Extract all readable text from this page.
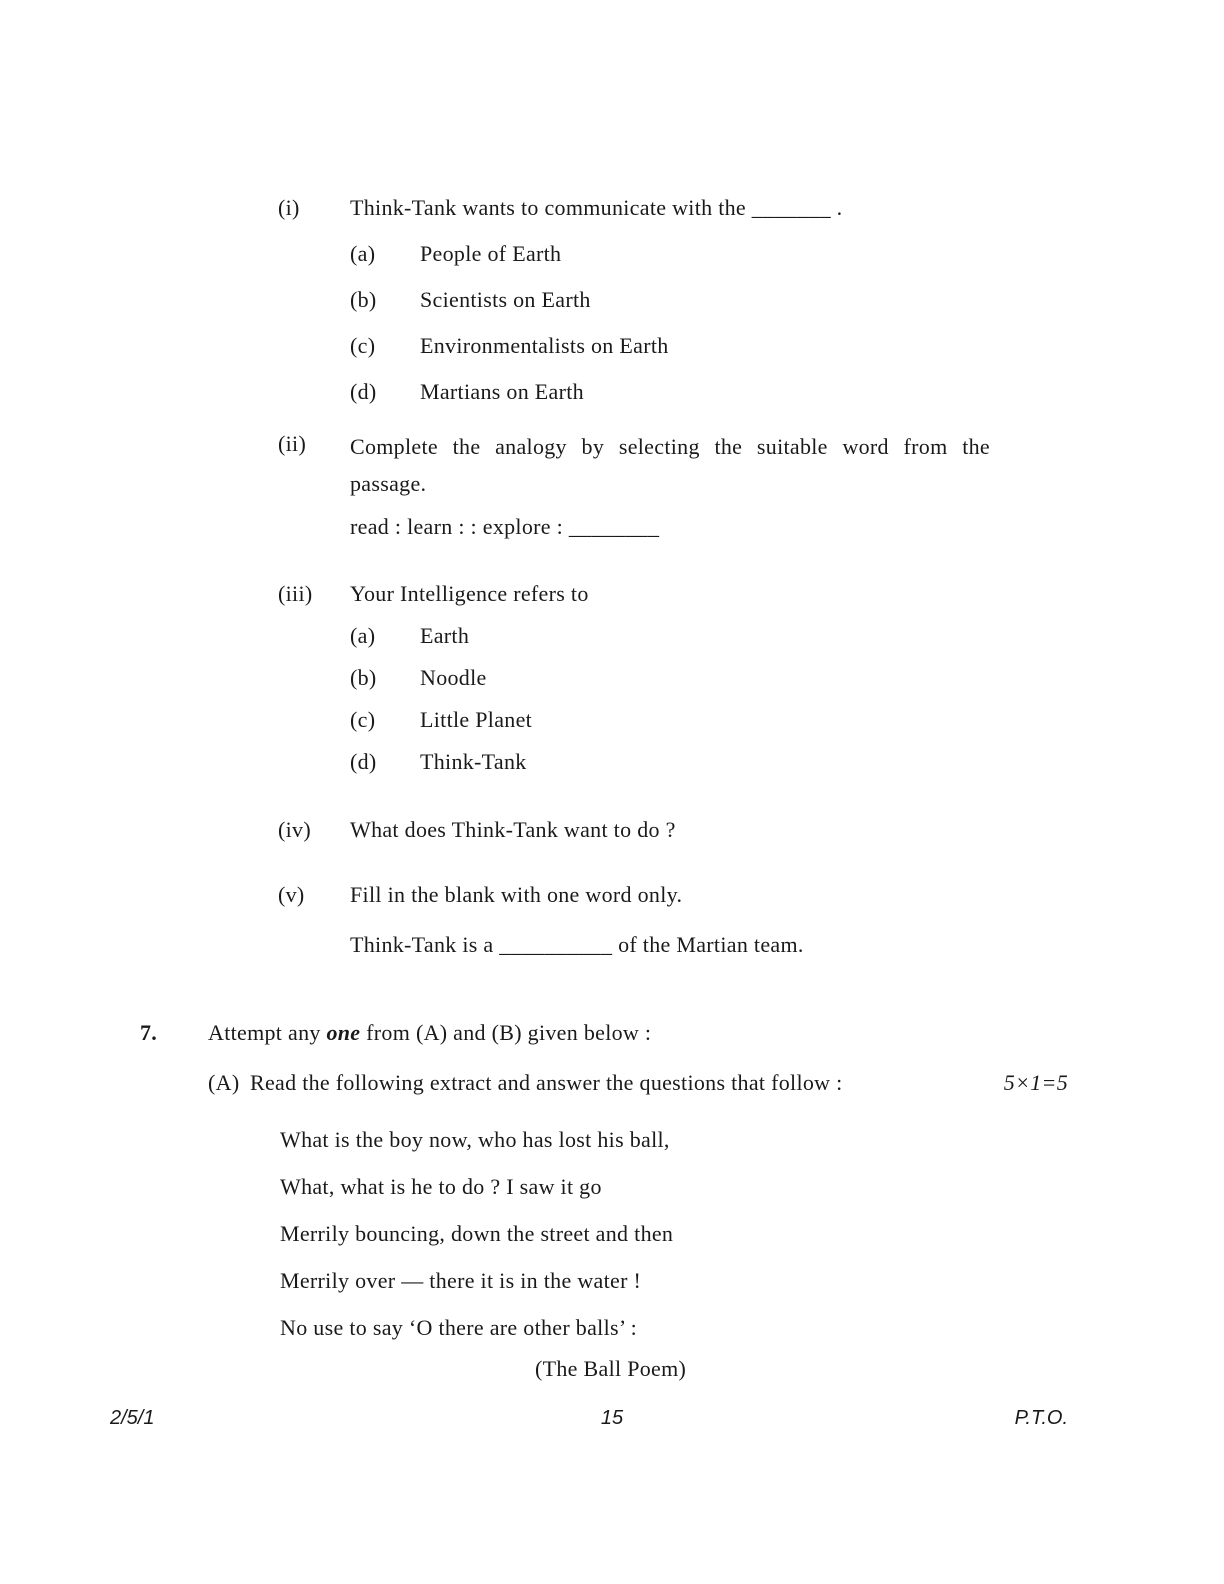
(i)	Think-Tank wants to communicate with the _______ .
(a)	People of Earth
(b)	Scientists on Earth
(c)	Environmentalists on Earth
(d)	Martians on Earth
(ii)	Complete the analogy by selecting the suitable word from the passage.
read : learn : : explore : ________
(iii)	Your Intelligence refers to
(a)	Earth
(b)	Noodle
(c)	Little Planet
(d)	Think-Tank
(iv)	What does Think-Tank want to do ?
(v)	Fill in the blank with one word only.
Think-Tank is a __________ of the Martian team.
7.	Attempt any one from (A) and (B) given below :
(A) Read the following extract and answer the questions that follow :	5×1=5
What is the boy now, who has lost his ball,
What, what is he to do ? I saw it go
Merrily bouncing, down the street and then
Merrily over — there it is in the water !
No use to say ‘O there are other balls’ :
(The Ball Poem)
2/5/1	15	P.T.O.
